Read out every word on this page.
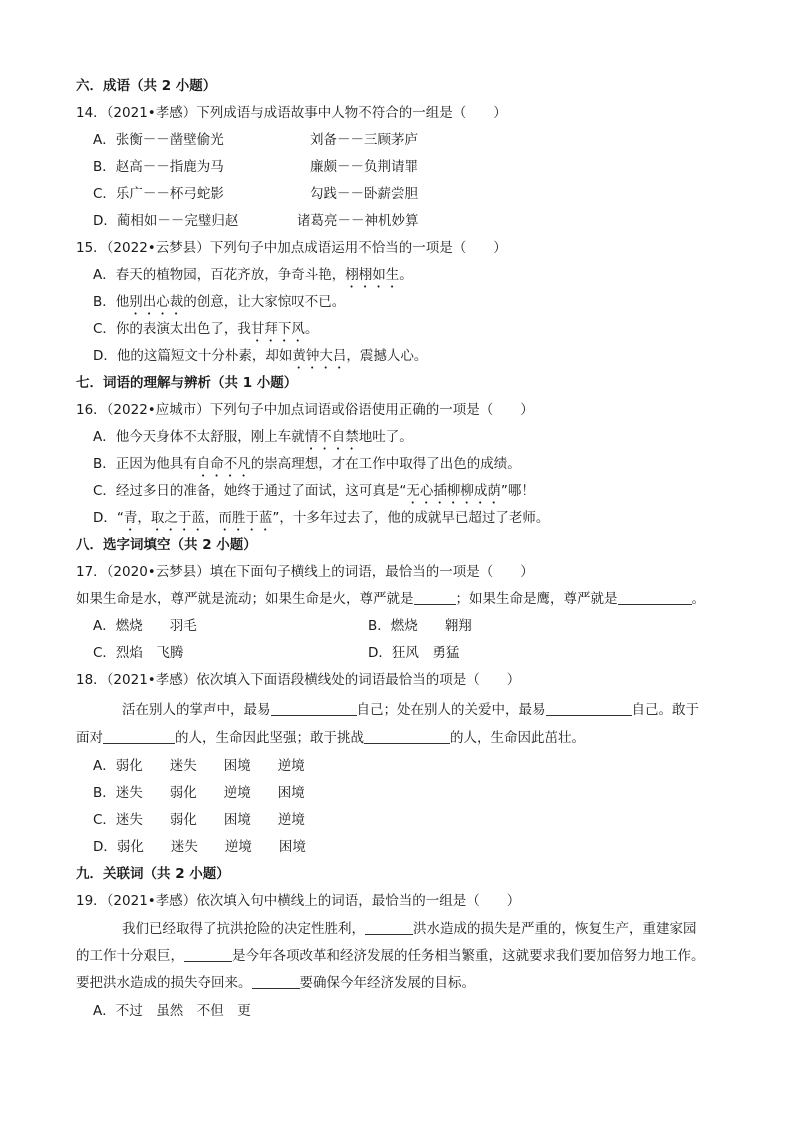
六．成语（共 2 小题）
14．（2021•孝感）下列成语与成语故事中人物不符合的一组是（　　）
A．张衡－－凿壁偷光	刘备－－三顾茅庐
B．赵高－－指鹿为马	廉颇－－负荆请罪
C．乐广－－杯弓蛇影	勾践－－卧薪尝胆
D．蔺相如－－完璧归赵	诸葛亮－－神机妙算
15．（2022•云梦县）下列句子中加点成语运用不恰当的一项是（　　）
A．春天的植物园，百花齐放，争奇斗艳，栩栩如生。
B．他别出心裁的创意，让大家惊叹不已。
C．你的表演太出色了，我甘拜下风。
D．他的这篇短文十分朴素，却如黄钟大吕，震撼人心。
七．词语的理解与辨析（共 1 小题）
16．（2022•应城市）下列句子中加点词语或俗语使用正确的一项是（　　）
A．他今天身体不太舒服，刚上车就情不自禁地吐了。
B．正因为他具有自命不凡的崇高理想，才在工作中取得了出色的成绩。
C．经过多日的准备，她终于通过了面试，这可真是“无心插柳柳成荫”哪！
D．“青，取之于蓝，而胜于蓝”，十多年过去了，他的成就早已超过了老师。
八．选字词填空（共 2 小题）
17．（2020•云梦县）填在下面句子横线上的词语，最恰当的一项是（　　）
如果生命是水，尊严就是流动；如果生命是火，尊严就是	；如果生命是鹰，尊严就是	。
A．燃烧　　羽毛	B．燃烧　　翱翔
C．烈焰　飞腾	D．狂风　勇猛
18．（2021•孝感）依次填入下面语段横线处的词语最恰当的项是（　　）
活在别人的掌声中，最易	自己；处在别人的关爱中，最易	自己。敢于
面对	的人，生命因此坚强；敢于挑战	的人，生命因此茁壮。
A．弱化　　迷失　　困境　　逆境
B．迷失　　弱化　　逆境　　困境
C．迷失　　弱化　　困境　　逆境
D．弱化　　迷失　　逆境　　困境
九．关联词（共 2 小题）
19．（2021•孝感）依次填入句中横线上的词语，最恰当的一组是（　　）
我们已经取得了抗洪抢险的决定性胜利，	洪水造成的损失是严重的，恢复生产，重建家园
的工作十分艰巨，	是今年各项改革和经济发展的任务相当繁重，这就要求我们要加倍努力地工作。
要把洪水造成的损失夺回来。	要确保今年经济发展的目标。
A．不过　虽然　不但　更
